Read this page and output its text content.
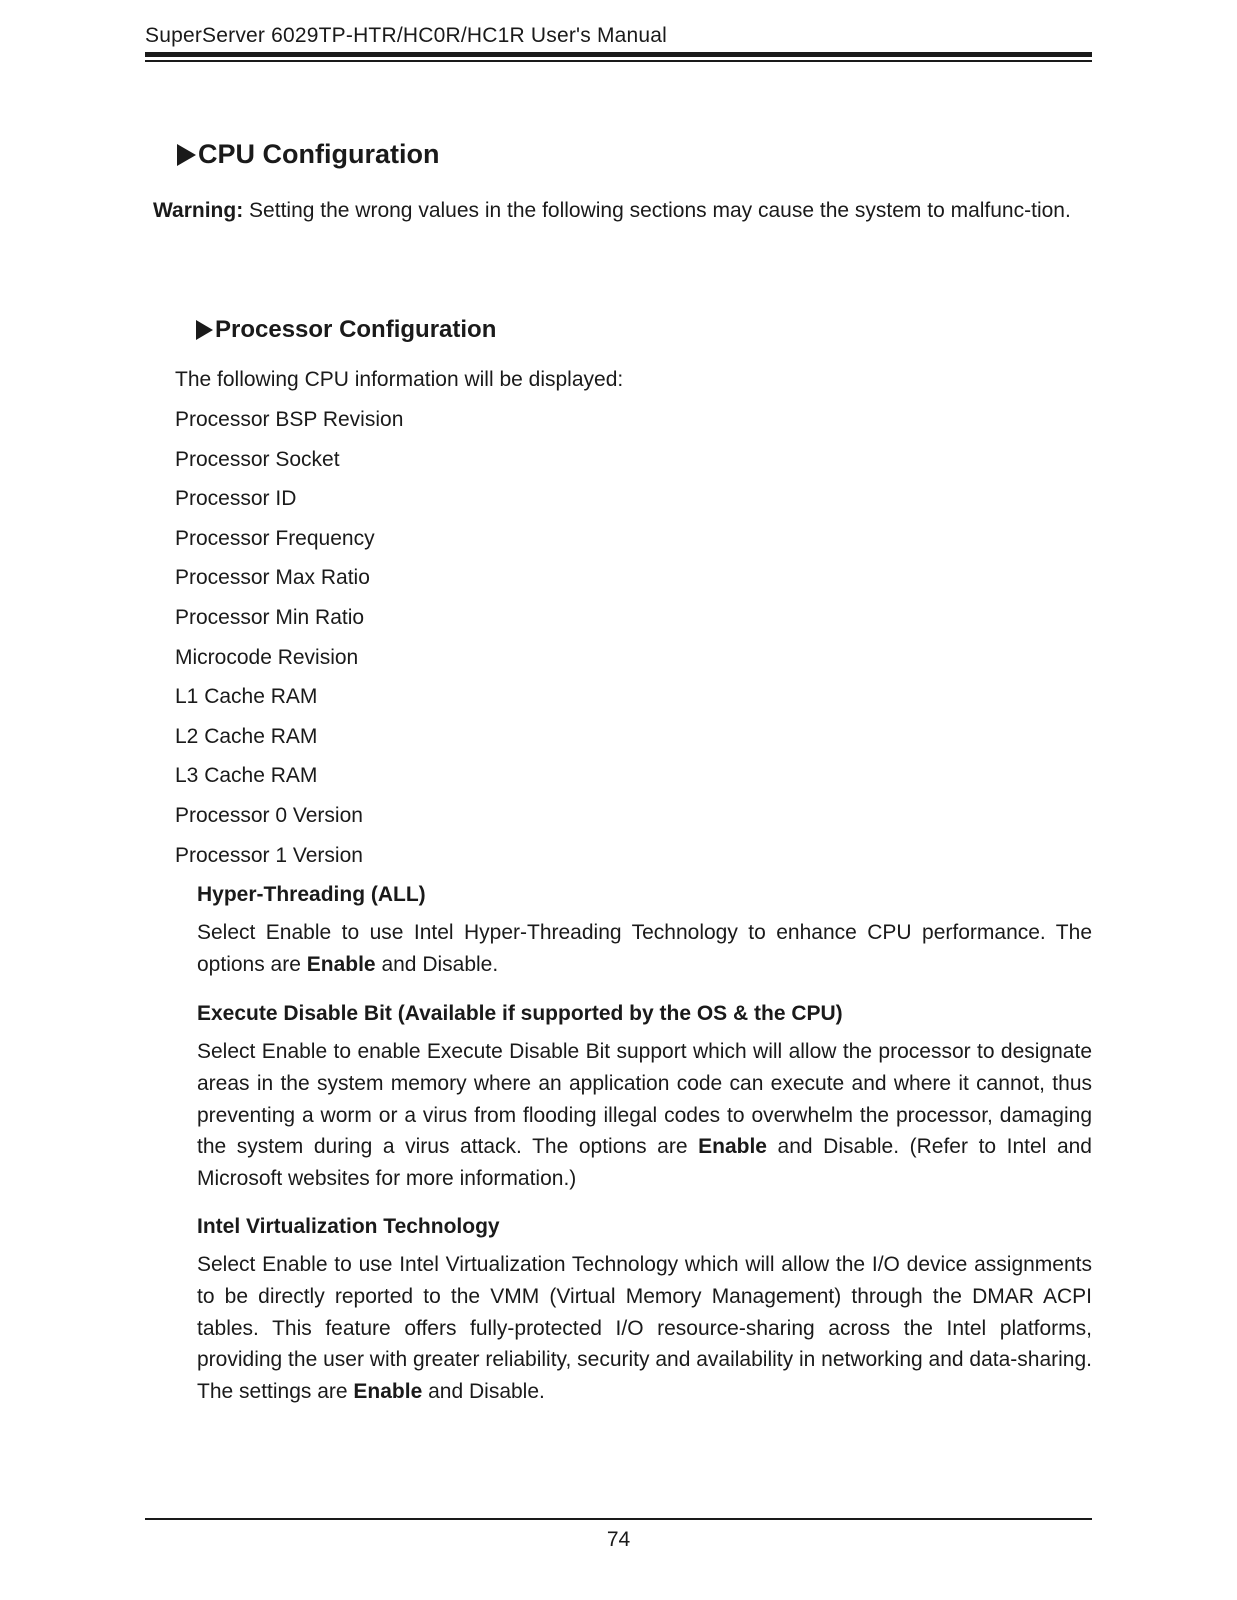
SuperServer 6029TP-HTR/HC0R/HC1R User's Manual
CPU Configuration
Warning: Setting the wrong values in the following sections may cause the system to malfunc-tion.
Processor Configuration
The following CPU information will be displayed:
Processor BSP Revision
Processor Socket
Processor ID
Processor Frequency
Processor Max Ratio
Processor Min Ratio
Microcode Revision
L1 Cache RAM
L2 Cache RAM
L3 Cache RAM
Processor 0 Version
Processor 1 Version

Hyper-Threading (ALL)

Select Enable to use Intel Hyper-Threading Technology to enhance CPU performance. The options are Enable and Disable.

Execute Disable Bit (Available if supported by the OS & the CPU)

Select Enable to enable Execute Disable Bit support which will allow the processor to designate areas in the system memory where an application code can execute and where it cannot, thus preventing a worm or a virus from flooding illegal codes to overwhelm the processor, damaging the system during a virus attack. The options are Enable and Disable. (Refer to Intel and Microsoft websites for more information.)

Intel Virtualization Technology

Select Enable to use Intel Virtualization Technology which will allow the I/O device assignments to be directly reported to the VMM (Virtual Memory Management) through the DMAR ACPI tables. This feature offers fully-protected I/O resource-sharing across the Intel platforms, providing the user with greater reliability, security and availability in networking and data-sharing. The settings are Enable and Disable.

74
